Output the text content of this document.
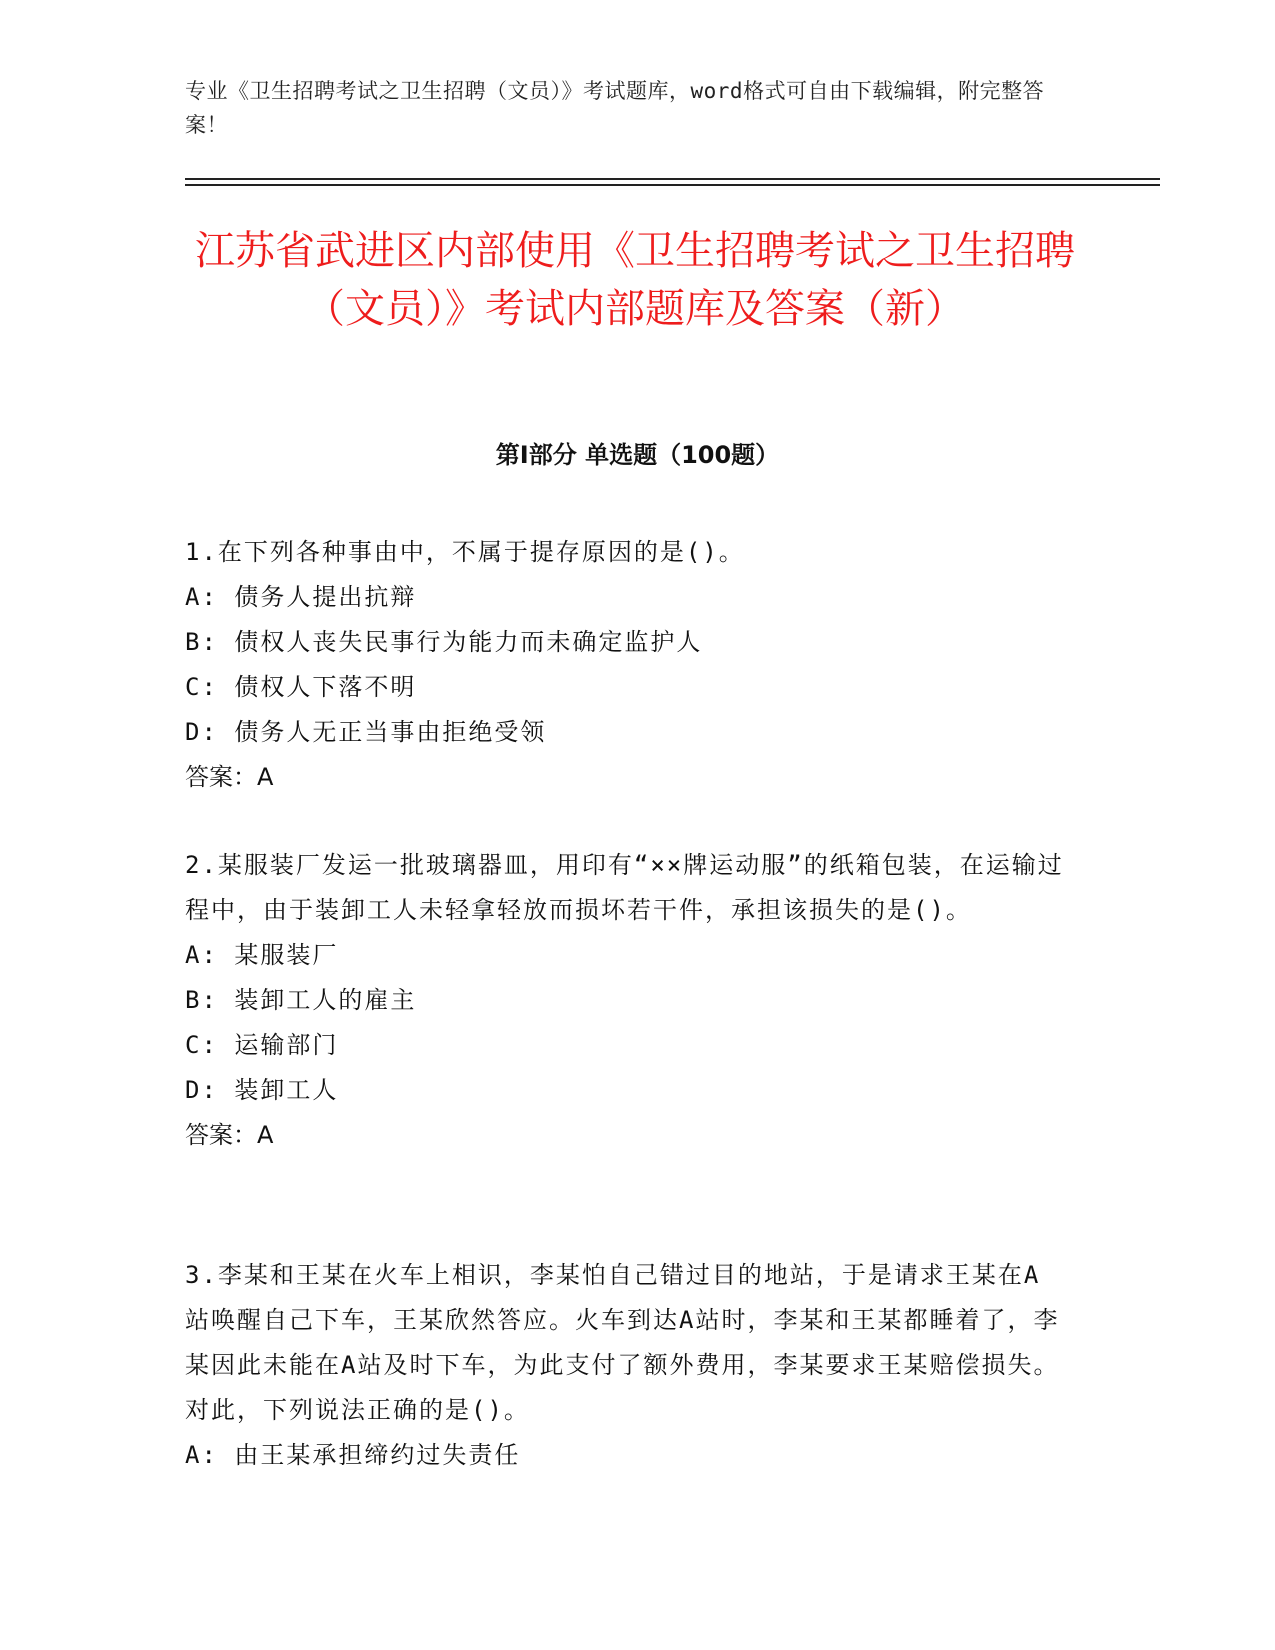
专业《卫生招聘考试之卫生招聘（文员）》考试题库，word格式可自由下载编辑，附完整答案！
江苏省武进区内部使用《卫生招聘考试之卫生招聘（文员）》考试内部题库及答案（新）
第Ⅰ部分 单选题（100题）

1.在下列各种事由中，不属于提存原因的是()。

A: 债务人提出抗辩

B: 债权人丧失民事行为能力而未确定监护人

C: 债权人下落不明

D: 债务人无正当事由拒绝受领

答案：A

2.某服装厂发运一批玻璃器皿，用印有“××牌运动服”的纸箱包装，在运输过程中，由于装卸工人未轻拿轻放而损坏若干件，承担该损失的是()。

A: 某服装厂

B: 装卸工人的雇主

C: 运输部门

D: 装卸工人

答案：A

3.李某和王某在火车上相识，李某怕自己错过目的地站，于是请求王某在A站唤醒自己下车，王某欣然答应。火车到达A站时，李某和王某都睡着了，李某因此未能在A站及时下车，为此支付了额外费用，李某要求王某赔偿损失。对此，下列说法正确的是()。

A: 由王某承担缔约过失责任
